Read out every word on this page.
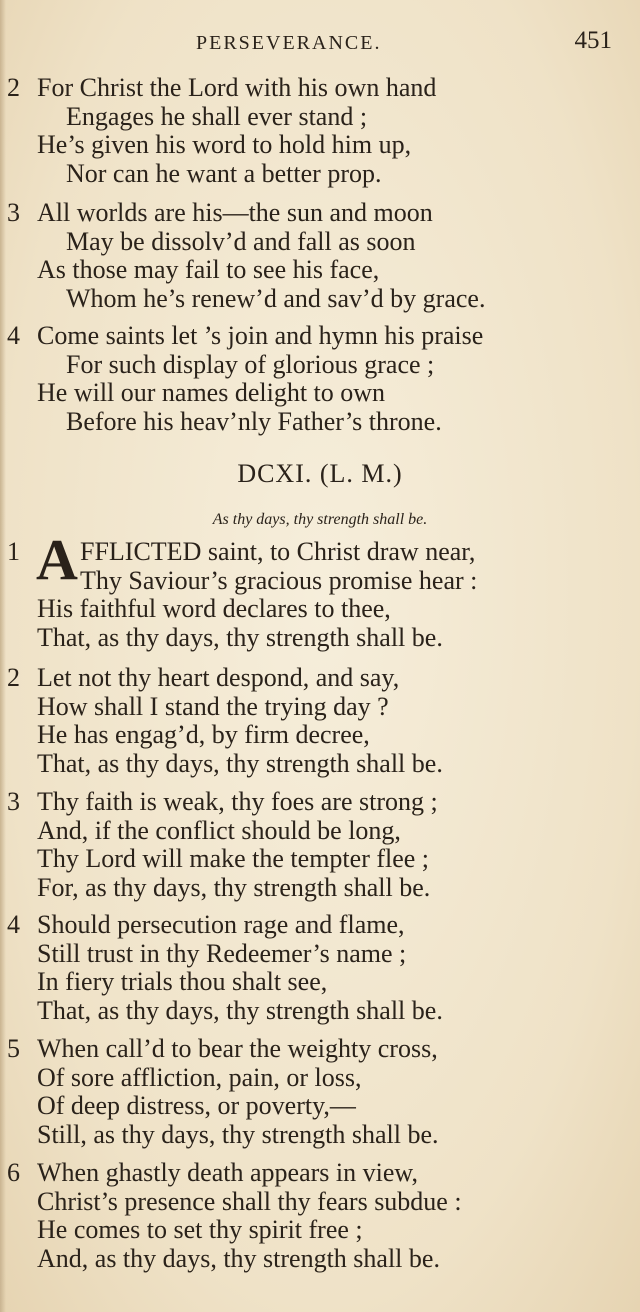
PERSEVERANCE.	451
2 For Christ the Lord with his own hand
Engages he shall ever stand ;
He’s given his word to hold him up,
Nor can he want a better prop.
3 All worlds are his—the sun and moon
May be dissolv’d and fall as soon
As those may fail to see his face,
Whom he’s renew’d and sav’d by grace.
4 Come saints let ’s join and hymn his praise
For such display of glorious grace ;
He will our names delight to own
Before his heav’nly Father’s throne.
DCXI. (L. M.)
As thy days, thy strength shall be.
1 A FFLICTED saint, to Christ draw near,
Thy Saviour’s gracious promise hear :
His faithful word declares to thee,
That, as thy days, thy strength shall be.
2 Let not thy heart despond, and say,
How shall I stand the trying day ?
He has engag’d, by firm decree,
That, as thy days, thy strength shall be.
3 Thy faith is weak, thy foes are strong ;
And, if the conflict should be long,
Thy Lord will make the tempter flee ;
For, as thy days, thy strength shall be.
4 Should persecution rage and flame,
Still trust in thy Redeemer’s name ;
In fiery trials thou shalt see,
That, as thy days, thy strength shall be.
5 When call’d to bear the weighty cross,
Of sore affliction, pain, or loss,
Of deep distress, or poverty,—
Still, as thy days, thy strength shall be.
6 When ghastly death appears in view,
Christ’s presence shall thy fears subdue :
He comes to set thy spirit free ;
And, as thy days, thy strength shall be.
